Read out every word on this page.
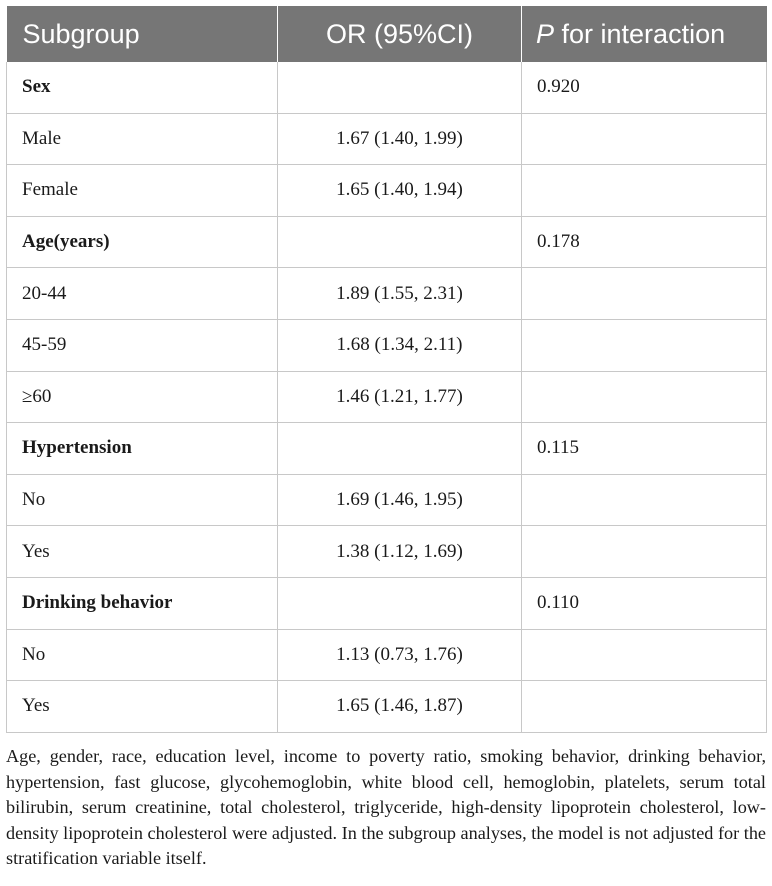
Subgroup	OR (95%CI)	P for interaction
Sex		0.920
Male	1.67 (1.40, 1.99)	
Female	1.65 (1.40, 1.94)	
Age(years)		0.178
20-44	1.89 (1.55, 2.31)	
45-59	1.68 (1.34, 2.11)	
≥60	1.46 (1.21, 1.77)	
Hypertension		0.115
No	1.69 (1.46, 1.95)	
Yes	1.38 (1.12, 1.69)	
Drinking behavior		0.110
No	1.13 (0.73, 1.76)	
Yes	1.65 (1.46, 1.87)	

Age, gender, race, education level, income to poverty ratio, smoking behavior, drinking behavior, hypertension, fast glucose, glycohemoglobin, white blood cell, hemoglobin, platelets, serum total bilirubin, serum creatinine, total cholesterol, triglyceride, high-density lipoprotein cholesterol, low-density lipoprotein cholesterol were adjusted. In the subgroup analyses, the model is not adjusted for the stratification variable itself.
